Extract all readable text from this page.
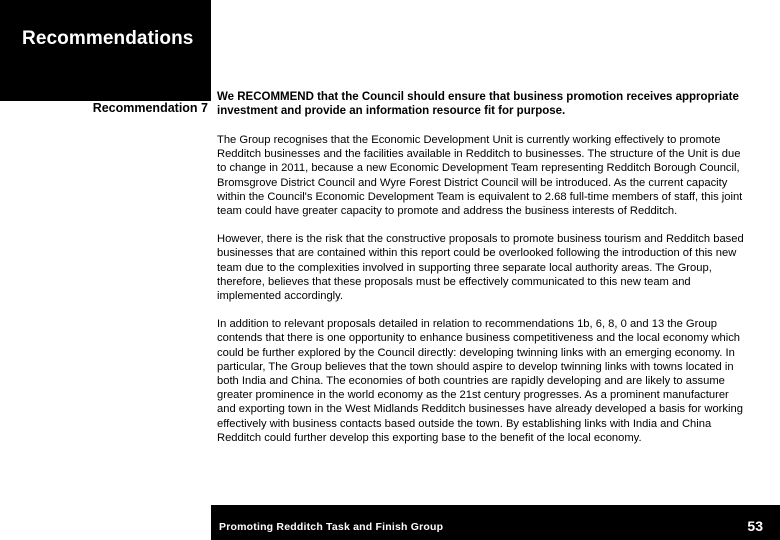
Recommendations
Recommendation 7

We RECOMMEND that the Council should ensure that business promotion receives appropriate investment and provide an information resource fit for purpose.

The Group recognises that the Economic Development Unit is currently working effectively to promote Redditch businesses and the facilities available in Redditch to businesses. The structure of the Unit is due to change in 2011, because a new Economic Development Team representing Redditch Borough Council, Bromsgrove District Council and Wyre Forest District Council will be introduced. As the current capacity within the Council's Economic Development Team is equivalent to 2.68 full-time members of staff, this joint team could have greater capacity to promote and address the business interests of Redditch.

However, there is the risk that the constructive proposals to promote business tourism and Redditch based businesses that are contained within this report could be overlooked following the introduction of this new team due to the complexities involved in supporting three separate local authority areas. The Group, therefore, believes that these proposals must be effectively communicated to this new team and implemented accordingly.

In addition to relevant proposals detailed in relation to recommendations 1b, 6, 8, 0 and 13 the Group contends that there is one opportunity to enhance business competitiveness and the local economy which could be further explored by the Council directly: developing twinning links with an emerging economy. In particular, The Group believes that the town should aspire to develop twinning links with towns located in both India and China. The economies of both countries are rapidly developing and are likely to assume greater prominence in the world economy as the 21st century progresses. As a prominent manufacturer and exporting town in the West Midlands Redditch businesses have already developed a basis for working effectively with business contacts based outside the town. By establishing links with India and China Redditch could further develop this exporting base to the benefit of the local economy.

Promoting Redditch Task and Finish Group	53
